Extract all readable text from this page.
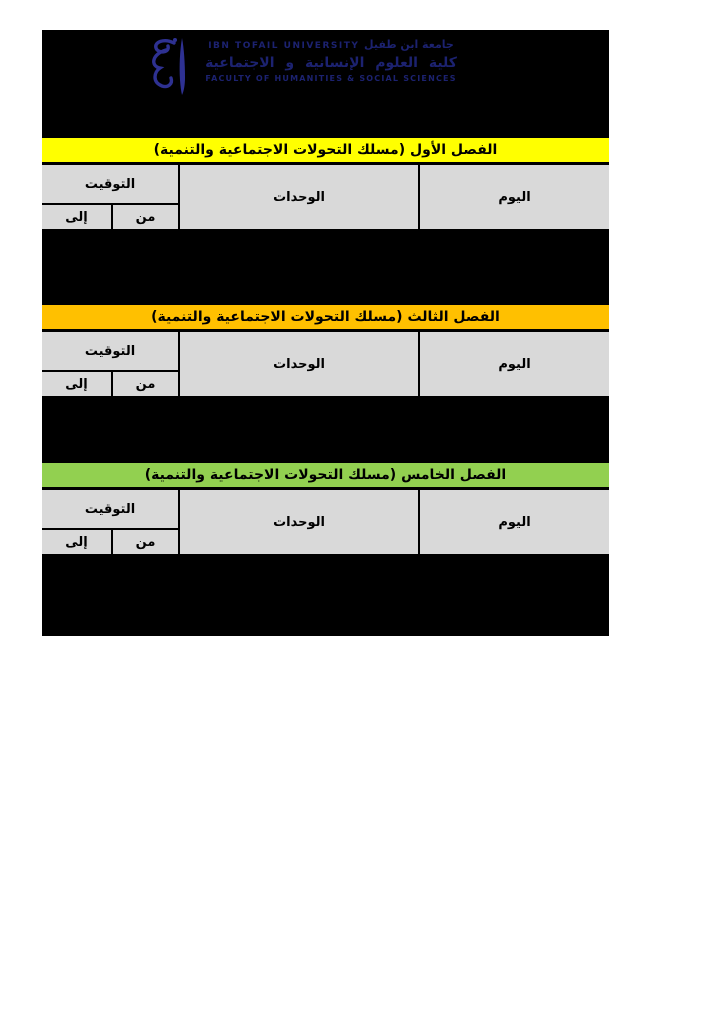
IBN TOFAIL UNIVERSITY جامعة ابن طفيل
كلية العلوم الإنسانية و الاجتماعية
FACULTY OF HUMANITIES & SOCIAL SCIENCES
الفصل الأول (مسلك التحولات الاجتماعية والتنمية)
التوقيت
إلى	من
الوحدات	اليوم
الفصل الثالث (مسلك التحولات الاجتماعية والتنمية)
التوقيت
إلى	من
الوحدات	اليوم
الفصل الخامس (مسلك التحولات الاجتماعية والتنمية)
التوقيت
إلى	من
الوحدات	اليوم
